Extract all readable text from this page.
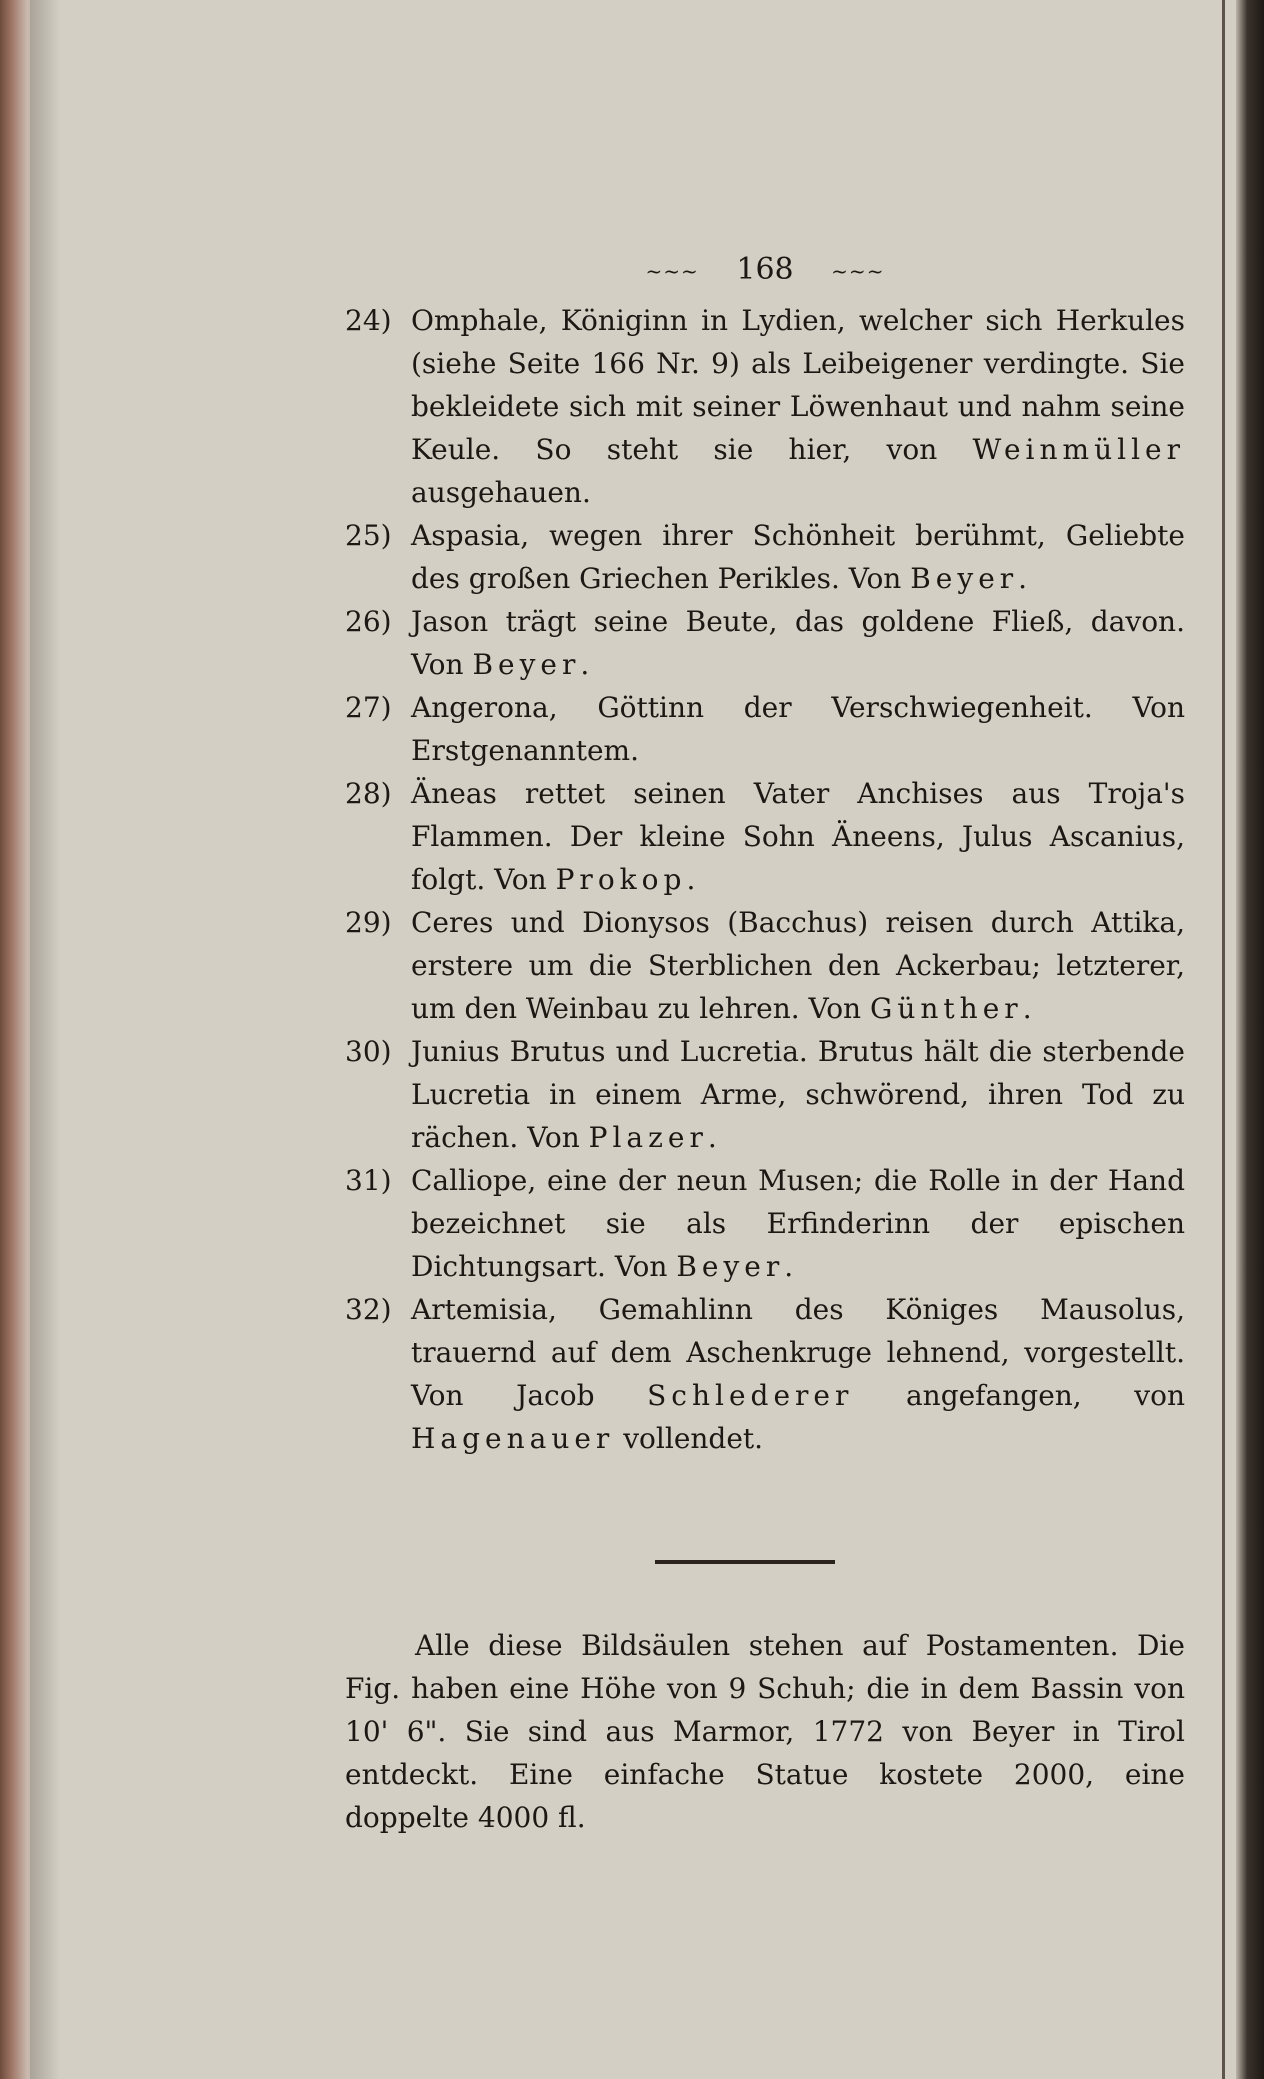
~~~ 168 ~~~
24) Omphale, Königinn in Lydien, welcher sich Herkules (siehe Seite 166 Nr. 9) als Leibeigener verdingte. Sie bekleidete sich mit seiner Löwenhaut und nahm seine Keule. So steht sie hier, von Weinmüller ausgehauen.
25) Aspasia, wegen ihrer Schönheit berühmt, Geliebte des großen Griechen Perikles. Von Beyer.
26) Jason trägt seine Beute, das goldene Fließ, davon. Von Beyer.
27) Angerona, Göttinn der Verschwiegenheit. Von Erstgenanntem.
28) Äneas rettet seinen Vater Anchises aus Troja's Flammen. Der kleine Sohn Äneens, Julus Ascanius, folgt. Von Prokop.
29) Ceres und Dionysos (Bacchus) reisen durch Attika, erstere um die Sterblichen den Ackerbau; letzterer, um den Weinbau zu lehren. Von Günther.
30) Junius Brutus und Lucretia. Brutus hält die sterbende Lucretia in einem Arme, schwörend, ihren Tod zu rächen. Von Plazer.
31) Calliope, eine der neun Musen; die Rolle in der Hand bezeichnet sie als Erfinderinn der epischen Dichtungsart. Von Beyer.
32) Artemisia, Gemahlinn des Königes Mausolus, trauernd auf dem Aschenkruge lehnend, vorgestellt. Von Jacob Schlederer angefangen, von Hagenauer vollendet.
Alle diese Bildsäulen stehen auf Postamenten. Die Fig. haben eine Höhe von 9 Schuh; die in dem Bassin von 10' 6". Sie sind aus Marmor, 1772 von Beyer in Tirol entdeckt. Eine einfache Statue kostete 2000, eine doppelte 4000 fl.
